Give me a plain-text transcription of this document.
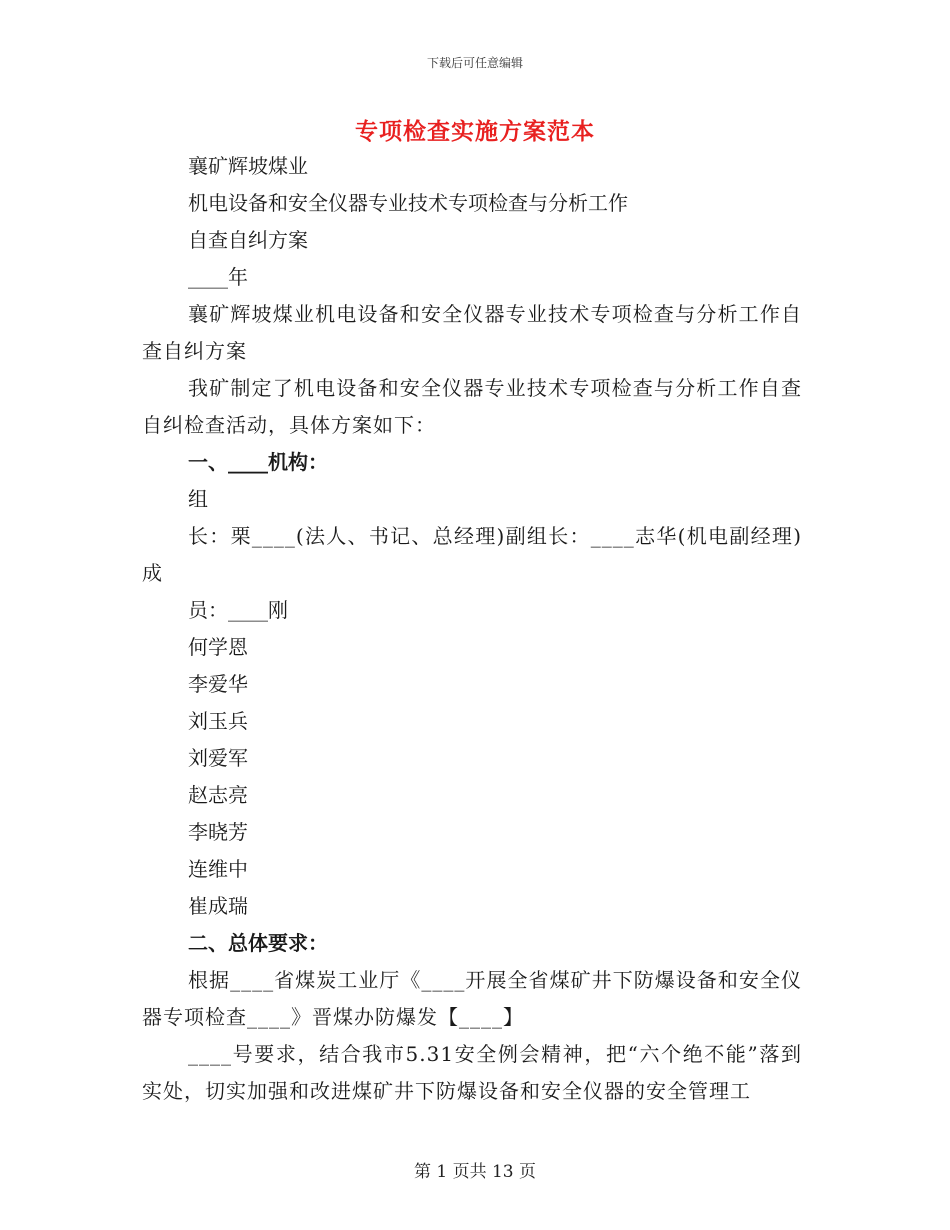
下载后可任意编辑
专项检查实施方案范本

襄矿辉坡煤业

机电设备和安全仪器专业技术专项检查与分析工作

自查自纠方案

____年

襄矿辉坡煤业机电设备和安全仪器专业技术专项检查与分析工作自查自纠方案

我矿制定了机电设备和安全仪器专业技术专项检查与分析工作自查自纠检查活动，具体方案如下：

一、____机构：

组

长：栗____(法人、书记、总经理)副组长：____志华(机电副经理)成

员：____刚

何学恩

李爱华

刘玉兵

刘爱军

赵志亮

李晓芳

连维中

崔成瑞

二、总体要求：

根据____省煤炭工业厅《____开展全省煤矿井下防爆设备和安全仪器专项检查____》晋煤办防爆发【____】

____号要求，结合我市5.31安全例会精神，把“六个绝不能”落到实处，切实加强和改进煤矿井下防爆设备和安全仪器的安全管理工

第 1 页共 13 页
